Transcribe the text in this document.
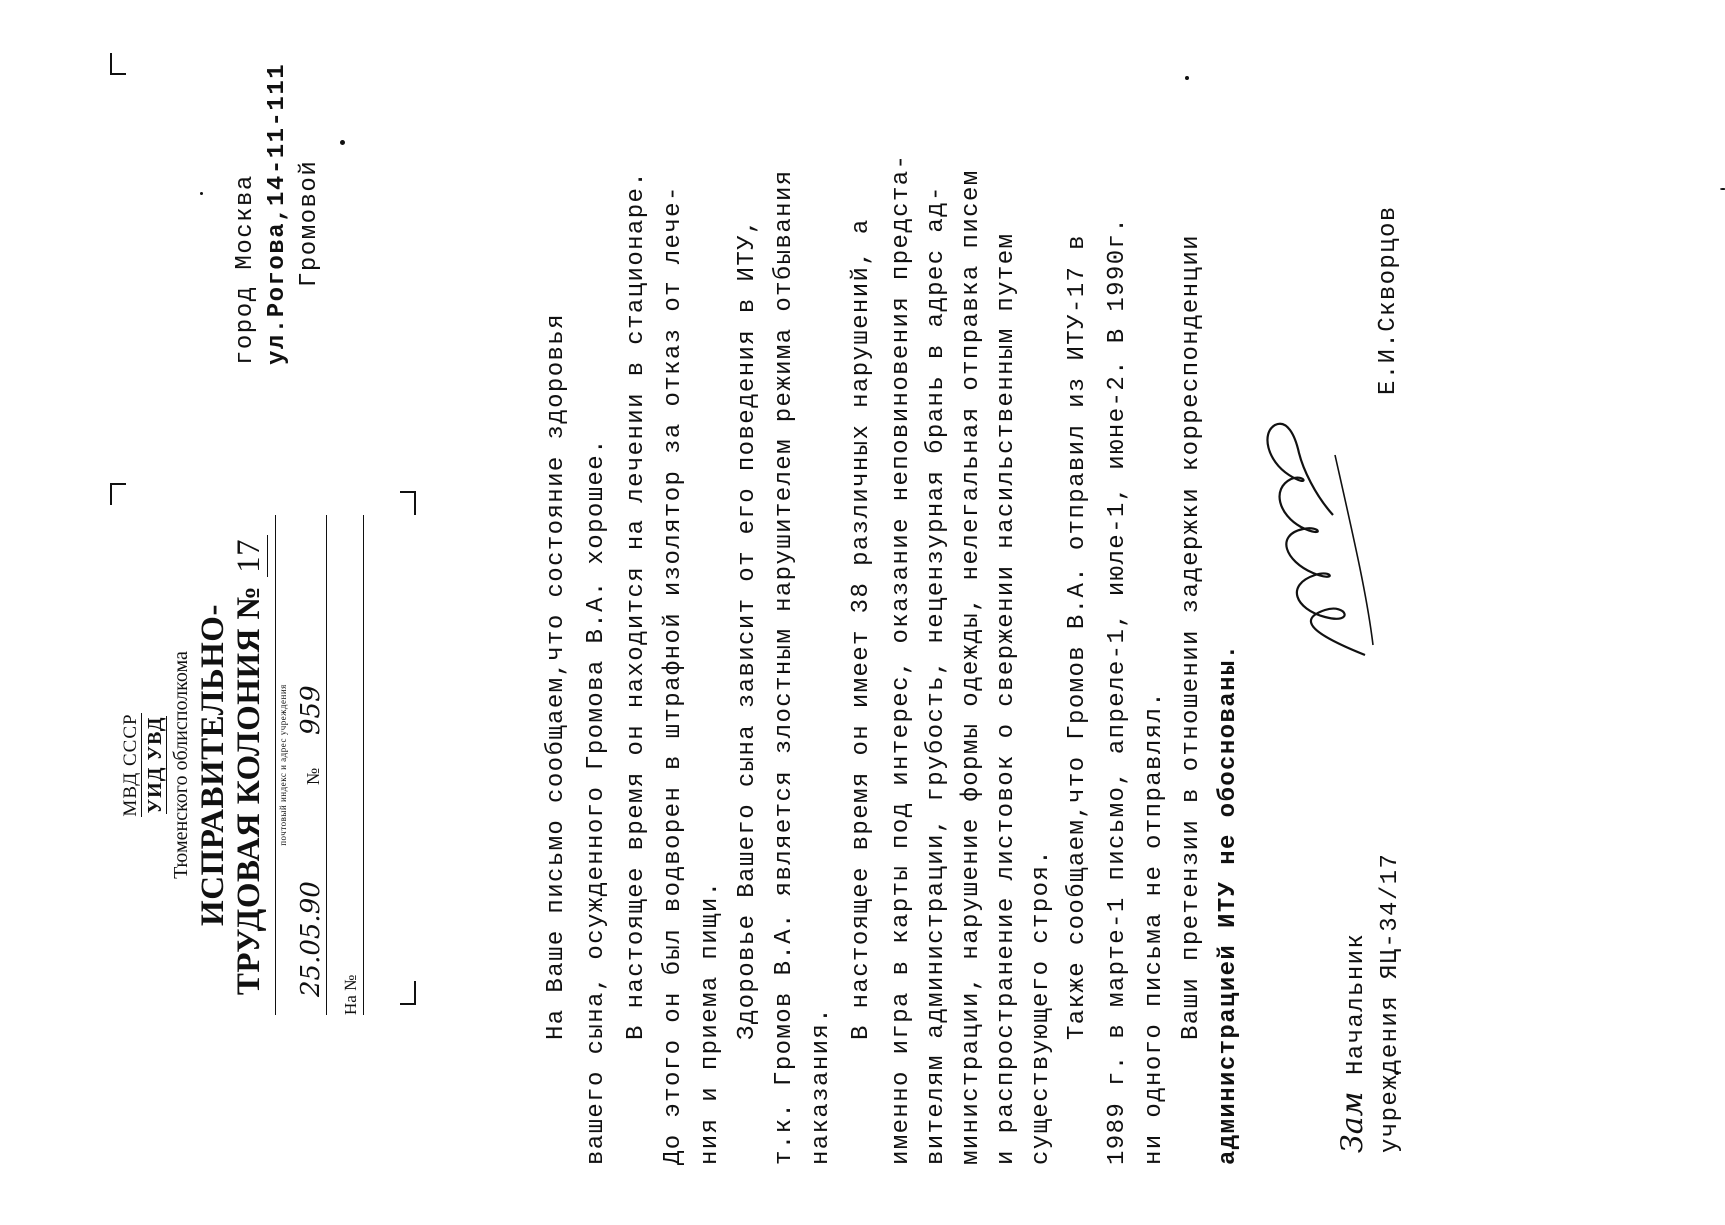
МВД СССР УИД УВД Тюменского облисполкома ИСПРАВИТЕЛЬНО- ТРУДОВАЯ КОЛОНИЯ № 17
почтовый индекс и адрес учреждения
25.05.90
№
959
На №
город Москва ул.Рогова,14-11-111 Громовой
На Ваше письмо сообщаем,что состояние здоровья вашего сына, осужденного Громова В.А. хорошее. В настоящее время он находится на лечении в стационаре. До этого он был водворен в штрафной изолятор за отказ от лече- ния и приема пищи. Здоровье Вашего сына зависит от его поведения в ИТУ, т.к. Громов В.А. является злостным нарушителем режима отбывания наказания.
В настоящее время он имеет 38 различных нарушений, а именно игра в карты под интерес, оказание неповиновения предста- вителям администрации, грубость, нецензурная брань в адрес ад- министрации, нарушение формы одежды, нелегальная отправка писем и распространение листовок о свержении насильственным путем существующего строя. Также сообщаем,что Громов В.А. отправил из ИТУ-17 в 1989 г. в марте-1 письмо, апреле-1, июле-1, июне-2. В 1990г. ни одного письма не отправлял. Ваши претензии в отношении задержки корреспонденции администрацией ИТУ не обоснованы.	Зам
Начальник учреждения ЯЦ-34/17
Е.И.Скворцов
